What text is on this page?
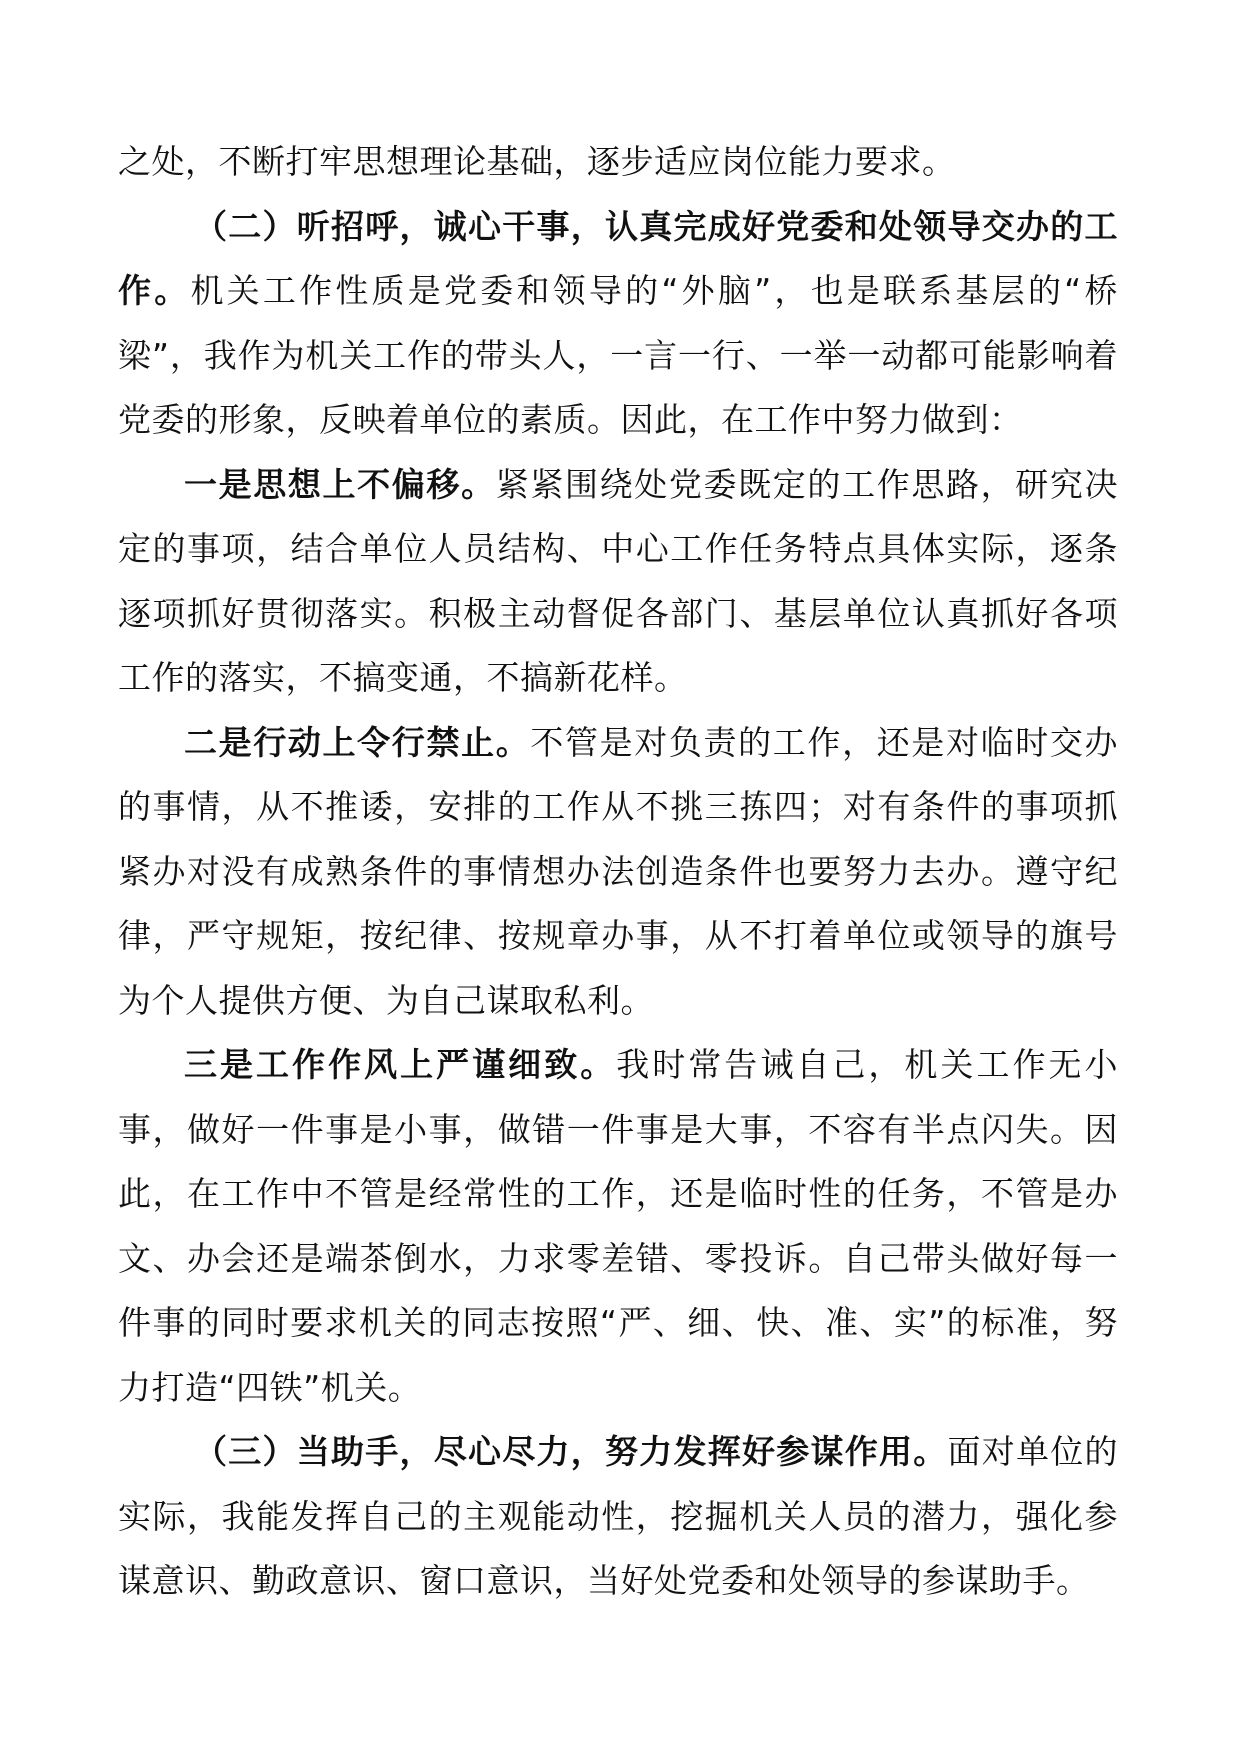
之处，不断打牢思想理论基础，逐步适应岗位能力要求。

（二）听招呼，诚心干事，认真完成好党委和处领导交办的工作。机关工作性质是党委和领导的“外脑”，也是联系基层的“桥梁”，我作为机关工作的带头人，一言一行、一举一动都可能影响着党委的形象，反映着单位的素质。因此，在工作中努力做到：

一是思想上不偏移。紧紧围绕处党委既定的工作思路，研究决定的事项，结合单位人员结构、中心工作任务特点具体实际，逐条逐项抓好贯彻落实。积极主动督促各部门、基层单位认真抓好各项工作的落实，不搞变通，不搞新花样。

二是行动上令行禁止。不管是对负责的工作，还是对临时交办的事情，从不推诿，安排的工作从不挑三拣四；对有条件的事项抓紧办对没有成熟条件的事情想办法创造条件也要努力去办。遵守纪律，严守规矩，按纪律、按规章办事，从不打着单位或领导的旗号为个人提供方便、为自己谋取私利。

三是工作作风上严谨细致。我时常告诫自己，机关工作无小事，做好一件事是小事，做错一件事是大事，不容有半点闪失。因此，在工作中不管是经常性的工作，还是临时性的任务，不管是办文、办会还是端茶倒水，力求零差错、零投诉。自己带头做好每一件事的同时要求机关的同志按照“严、细、快、准、实”的标准，努力打造“四铁”机关。

（三）当助手，尽心尽力，努力发挥好参谋作用。面对单位的实际，我能发挥自己的主观能动性，挖掘机关人员的潜力，强化参谋意识、勤政意识、窗口意识，当好处党委和处领导的参谋助手。
